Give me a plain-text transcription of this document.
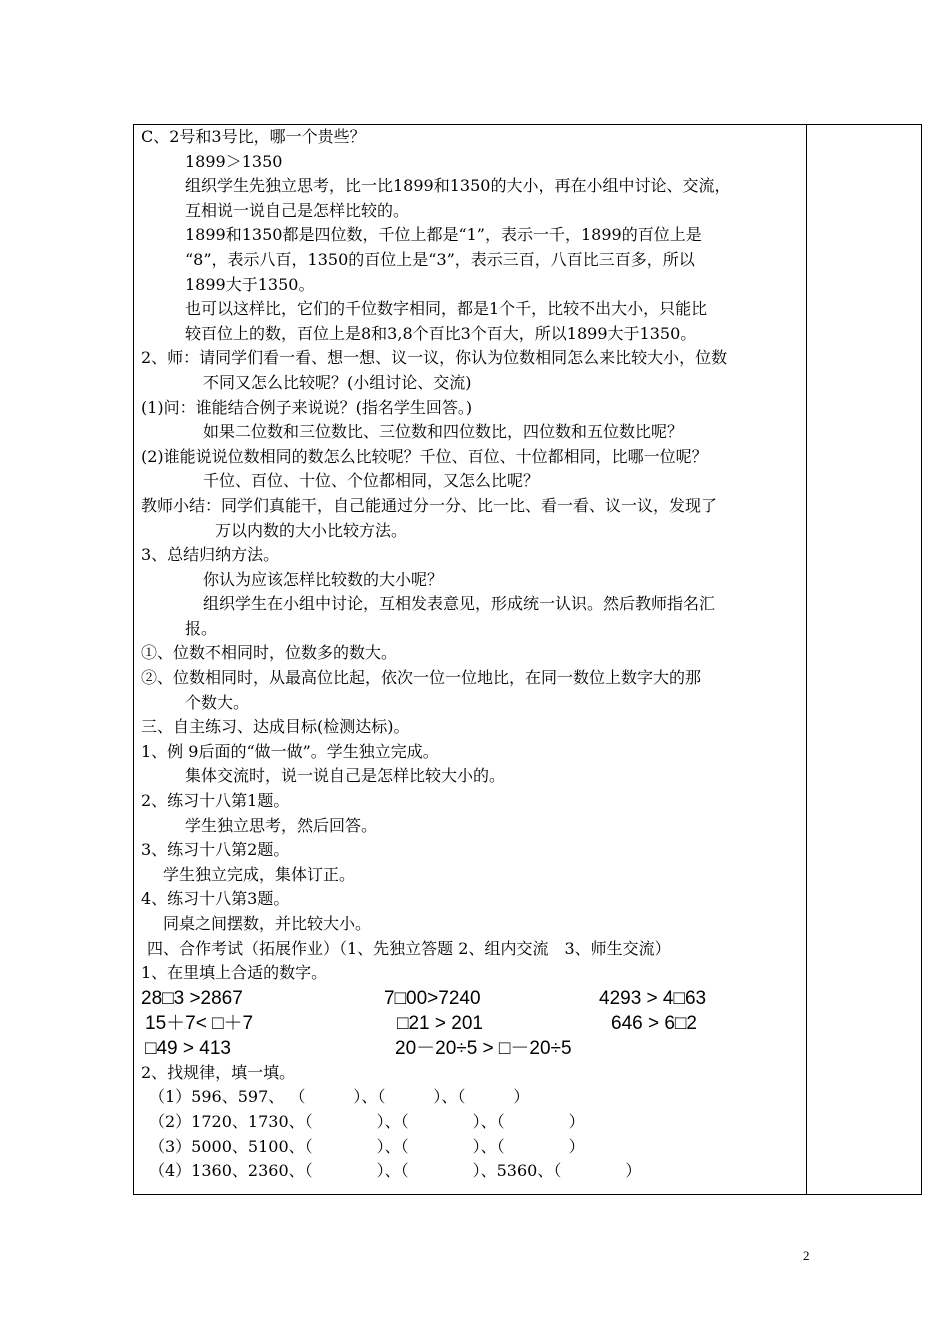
C、2号和3号比，哪一个贵些？
1899＞1350
组织学生先独立思考，比一比1899和1350的大小，再在小组中讨论、交流，
互相说一说自己是怎样比较的。
1899和1350都是四位数，千位上都是“1”，表示一千，1899的百位上是
“8”，表示八百，1350的百位上是“3”，表示三百，八百比三百多，所以
1899大于1350。
也可以这样比，它们的千位数字相同，都是1个千，比较不出大小，只能比
较百位上的数，百位上是8和3,8个百比3个百大，所以1899大于1350。
2、师：请同学们看一看、想一想、议一议，你认为位数相同怎么来比较大小，位数
不同又怎么比较呢？(小组讨论、交流)
(1)问：谁能结合例子来说说？(指名学生回答。)
如果二位数和三位数比、三位数和四位数比，四位数和五位数比呢？
(2)谁能说说位数相同的数怎么比较呢？千位、百位、十位都相同，比哪一位呢？
千位、百位、十位、个位都相同，又怎么比呢？
教师小结：同学们真能干，自己能通过分一分、比一比、看一看、议一议，发现了
万以内数的大小比较方法。
3、总结归纳方法。
你认为应该怎样比较数的大小呢？
组织学生在小组中讨论，互相发表意见，形成统一认识。然后教师指名汇
报。
①、位数不相同时，位数多的数大。
②、位数相同时，从最高位比起，依次一位一位地比，在同一数位上数字大的那
个数大。
三、自主练习、达成目标(检测达标)。
1、例 9后面的“做一做”。学生独立完成。
集体交流时，说一说自己是怎样比较大小的。
2、练习十八第1题。
学生独立思考，然后回答。
3、练习十八第2题。
学生独立完成，集体订正。
4、练习十八第3题。
同桌之间摆数，并比较大小。
四、合作考试（拓展作业）（1、先独立答题 2、组内交流　3、师生交流）
1、在里填上合适的数字。
28□3 >2867	7□00>7240	4293 > 4□63
15＋7< □＋7	□21 > 201	646 > 6□2
□49 > 413	20－20÷5 > □－20÷5
2、找规律，填一填。
（1）596、597、 （　　　）、（　　　）、（　　　）
（2）1720、1730、（　　　　）、（　　　　）、（　　　　）
（3）5000、5100、（　　　　）、（　　　　）、（　　　　）
（4）1360、2360、（　　　　）、（　　　　）、5360、（　　　　）
2
